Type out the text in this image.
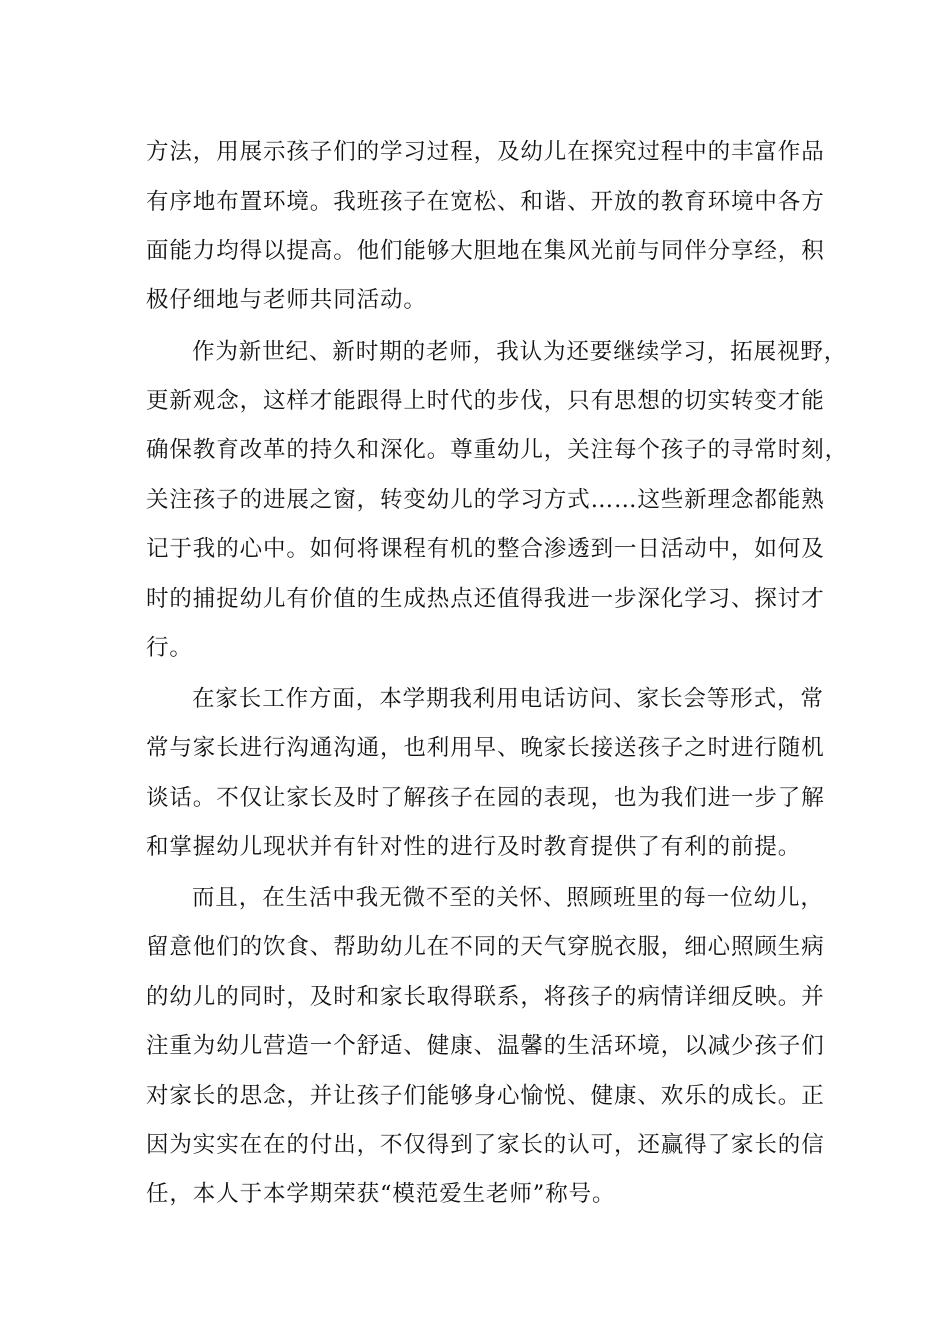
方法，用展示孩子们的学习过程，及幼儿在探究过程中的丰富作品

有序地布置环境。我班孩子在宽松、和谐、开放的教育环境中各方

面能力均得以提高。他们能够大胆地在集风光前与同伴分享经，积

极仔细地与老师共同活动。

作为新世纪、新时期的老师，我认为还要继续学习，拓展视野，

更新观念，这样才能跟得上时代的步伐，只有思想的切实转变才能

确保教育改革的持久和深化。尊重幼儿，关注每个孩子的寻常时刻，

关注孩子的进展之窗，转变幼儿的学习方式……这些新理念都能熟

记于我的心中。如何将课程有机的整合渗透到一日活动中，如何及

时的捕捉幼儿有价值的生成热点还值得我进一步深化学习、探讨才

行。

在家长工作方面，本学期我利用电话访问、家长会等形式，常

常与家长进行沟通沟通，也利用早、晚家长接送孩子之时进行随机

谈话。不仅让家长及时了解孩子在园的表现，也为我们进一步了解

和掌握幼儿现状并有针对性的进行及时教育提供了有利的前提。

而且，在生活中我无微不至的关怀、照顾班里的每一位幼儿，

留意他们的饮食、帮助幼儿在不同的天气穿脱衣服，细心照顾生病

的幼儿的同时，及时和家长取得联系，将孩子的病情详细反映。并

注重为幼儿营造一个舒适、健康、温馨的生活环境，以减少孩子们

对家长的思念，并让孩子们能够身心愉悦、健康、欢乐的成长。正

因为实实在在的付出，不仅得到了家长的认可，还赢得了家长的信

任，本人于本学期荣获“模范爱生老师”称号。
